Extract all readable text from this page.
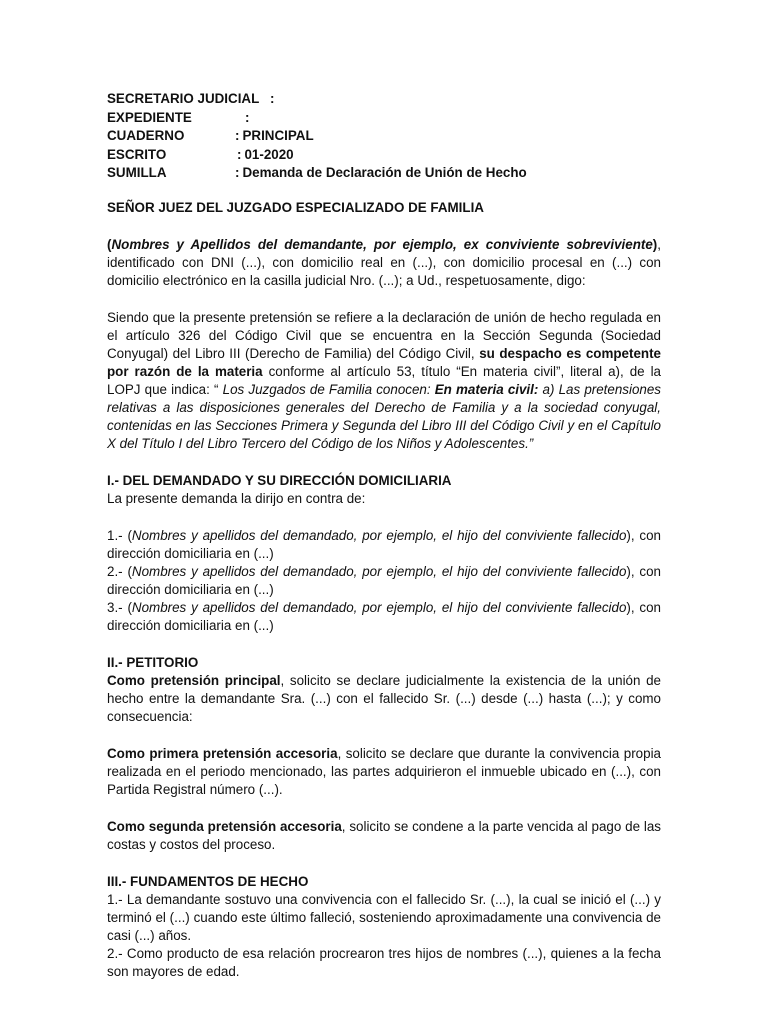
SECRETARIO JUDICIAL :
EXPEDIENTE	:
CUADERNO	: PRINCIPAL
ESCRITO	: 01-2020
SUMILLA	: Demanda de Declaración de Unión de Hecho
SEÑOR JUEZ DEL JUZGADO ESPECIALIZADO DE FAMILIA

(Nombres y Apellidos del demandante, por ejemplo, ex conviviente sobreviviente), identificado con DNI (...), con domicilio real en (...), con domicilio procesal en (...) con domicilio electrónico en la casilla judicial Nro. (...); a Ud., respetuosamente, digo:

Siendo que la presente pretensión se refiere a la declaración de unión de hecho regulada en el artículo 326 del Código Civil que se encuentra en la Sección Segunda (Sociedad Conyugal) del Libro III (Derecho de Familia) del Código Civil, su despacho es competente por razón de la materia conforme al artículo 53, título “En materia civil”, literal a), de la LOPJ que indica: “ Los Juzgados de Familia conocen: En materia civil: a) Las pretensiones relativas a las disposiciones generales del Derecho de Familia y a la sociedad conyugal, contenidas en las Secciones Primera y Segunda del Libro III del Código Civil y en el Capítulo X del Título I del Libro Tercero del Código de los Niños y Adolescentes.”

I.- DEL DEMANDADO Y SU DIRECCIÓN DOMICILIARIA

La presente demanda la dirijo en contra de:

1.- (Nombres y apellidos del demandado, por ejemplo, el hijo del conviviente fallecido), con dirección domiciliaria en (...)

2.- (Nombres y apellidos del demandado, por ejemplo, el hijo del conviviente fallecido), con dirección domiciliaria en (...)

3.- (Nombres y apellidos del demandado, por ejemplo, el hijo del conviviente fallecido), con dirección domiciliaria en (...)

II.- PETITORIO

Como pretensión principal, solicito se declare judicialmente la existencia de la unión de hecho entre la demandante Sra. (...) con el fallecido Sr. (...) desde (...) hasta (...); y como consecuencia:

Como primera pretensión accesoria, solicito se declare que durante la convivencia propia realizada en el periodo mencionado, las partes adquirieron el inmueble ubicado en (...), con Partida Registral número (...).

Como segunda pretensión accesoria, solicito se condene a la parte vencida al pago de las costas y costos del proceso.

III.- FUNDAMENTOS DE HECHO

1.- La demandante sostuvo una convivencia con el fallecido Sr. (...), la cual se inició el (...) y terminó el (...) cuando este último falleció, sosteniendo aproximadamente una convivencia de casi (...) años.

2.- Como producto de esa relación procrearon tres hijos de nombres (...), quienes a la fecha son mayores de edad.
